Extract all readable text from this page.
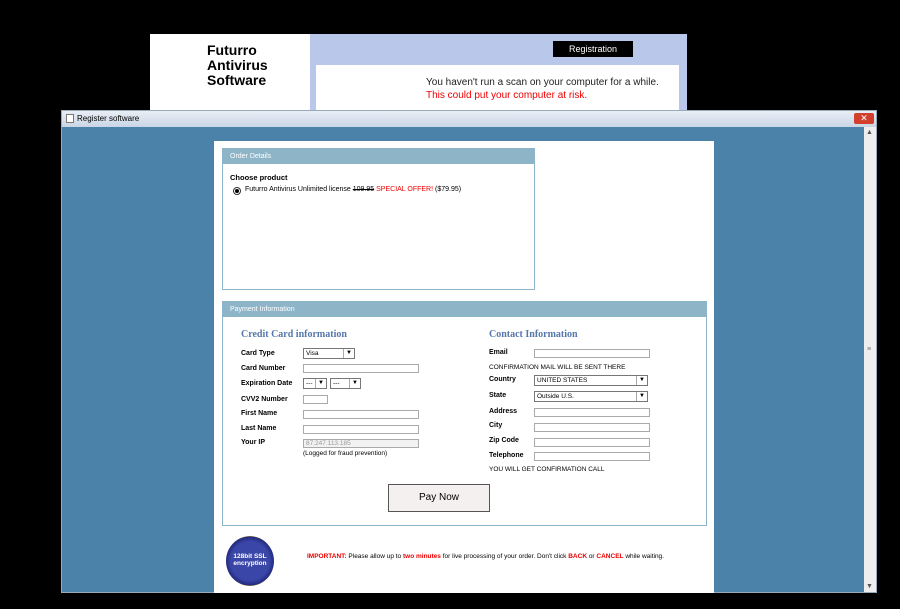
Futurro
Antivirus
Software
Registration
You haven't run a scan on your computer for a while.
This could put your computer at risk.
Register software	✕
▲
≡
▼
Order Details
Choose product
Futurro Antivirus Unlimited license 109.95 SPECIAL OFFER! ($79.95)
Payment Information
Credit Card information
Card Type	Visa	▼
Card Number
Expiration Date	--- ▼	---	▼
CVV2 Number
First Name
Last Name
Your IP	87.247.113.185
(Logged for fraud prevention)
Contact Information
Email
CONFIRMATION MAIL WILL BE SENT THERE
Country	UNITED STATES	▼
State	Outside U.S.	▼
Address
City
Zip Code
Telephone
YOU WILL GET CONFIRMATION CALL
Pay Now
128bit SSL encryption
IMPORTANT: Please allow up to two minutes for live processing of your order. Don't click BACK or CANCEL while waiting.
